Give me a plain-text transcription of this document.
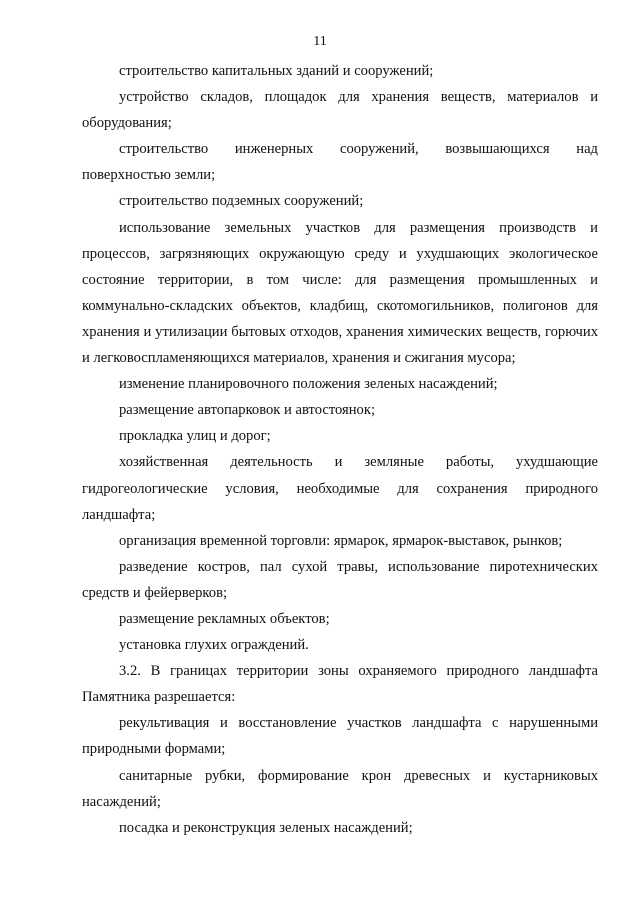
11

строительство капитальных зданий и сооружений;

устройство складов, площадок для хранения веществ, материалов и оборудования;

строительство инженерных сооружений, возвышающихся над поверхностью земли;

строительство подземных сооружений;

использование земельных участков для размещения производств и процессов, загрязняющих окружающую среду и ухудшающих экологическое состояние территории, в том числе: для размещения промышленных и коммунально-складских объектов, кладбищ, скотомогильников, полигонов для хранения и утилизации бытовых отходов, хранения химических веществ, горючих и легковоспламеняющихся материалов, хранения и сжигания мусора;

изменение планировочного положения зеленых насаждений;

размещение автопарковок и автостоянок;

прокладка улиц и дорог;

хозяйственная деятельность и земляные работы, ухудшающие гидрогеологические условия, необходимые для сохранения природного ландшафта;

организация временной торговли: ярмарок, ярмарок-выставок, рынков;

разведение костров, пал сухой травы, использование пиротехнических средств и фейерверков;

размещение рекламных объектов;

установка глухих ограждений.

3.2. В границах территории зоны охраняемого природного ландшафта Памятника разрешается:

рекультивация и восстановление участков ландшафта с нарушенными природными формами;

санитарные рубки, формирование крон древесных и кустарниковых насаждений;

посадка и реконструкция зеленых насаждений;
